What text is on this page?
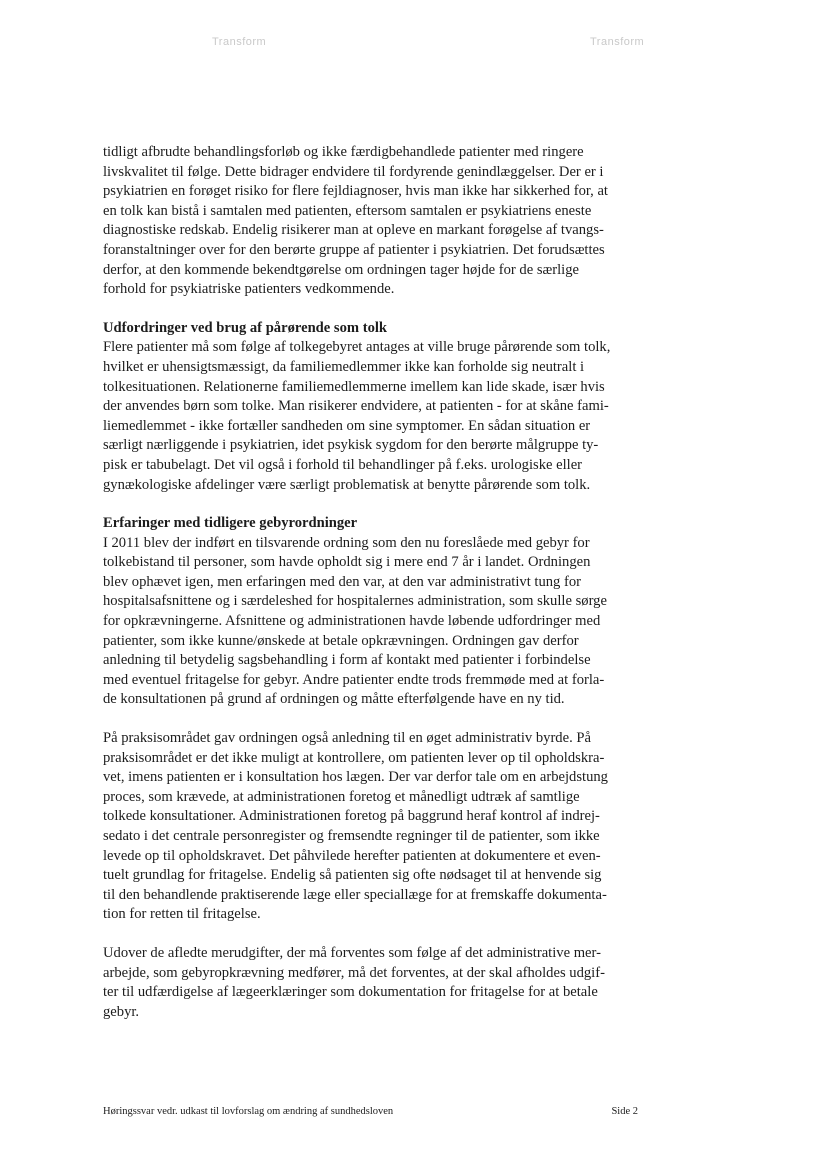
Transform	Transform
tidligt afbrudte behandlingsforløb og ikke færdigbehandlede patienter med ringere
livskvalitet til følge. Dette bidrager endvidere til fordyrende genindlæggelser. Der er i
psykiatrien en forøget risiko for flere fejldiagnoser, hvis man ikke har sikkerhed for, at
en tolk kan bistå i samtalen med patienten, eftersom samtalen er psykiatriens eneste
diagnostiske redskab. Endelig risikerer man at opleve en markant forøgelse af tvangs-
foranstaltninger over for den berørte gruppe af patienter i psykiatrien. Det forudsættes
derfor, at den kommende bekendtgørelse om ordningen tager højde for de særlige
forhold for psykiatriske patienters vedkommende.
Udfordringer ved brug af pårørende som tolk
Flere patienter må som følge af tolkegebyret antages at ville bruge pårørende som tolk,
hvilket er uhensigtsmæssigt, da familiemedlemmer ikke kan forholde sig neutralt i
tolkesituationen. Relationerne familiemedlemmerne imellem kan lide skade, især hvis
der anvendes børn som tolke. Man risikerer endvidere, at patienten - for at skåne fami-
liemedlemmet - ikke fortæller sandheden om sine symptomer. En sådan situation er
særligt nærliggende i psykiatrien, idet psykisk sygdom for den berørte målgruppe ty-
pisk er tabubelagt. Det vil også i forhold til behandlinger på f.eks. urologiske eller
gynækologiske afdelinger være særligt problematisk at benytte pårørende som tolk.
Erfaringer med tidligere gebyrordninger
I 2011 blev der indført en tilsvarende ordning som den nu foreslåede med gebyr for
tolkebistand til personer, som havde opholdt sig i mere end 7 år i landet. Ordningen
blev ophævet igen, men erfaringen med den var, at den var administrativt tung for
hospitalsafsnittene og i særdeleshed for hospitalernes administration, som skulle sørge
for opkrævningerne. Afsnittene og administrationen havde løbende udfordringer med
patienter, som ikke kunne/ønskede at betale opkrævningen. Ordningen gav derfor
anledning til betydelig sagsbehandling i form af kontakt med patienter i forbindelse
med eventuel fritagelse for gebyr. Andre patienter endte trods fremmøde med at forla-
de konsultationen på grund af ordningen og måtte efterfølgende have en ny tid.
På praksisområdet gav ordningen også anledning til en øget administrativ byrde. På
praksisområdet er det ikke muligt at kontrollere, om patienten lever op til opholdskra-
vet, imens patienten er i konsultation hos lægen. Der var derfor tale om en arbejdstung
proces, som krævede, at administrationen foretog et månedligt udtræk af samtlige
tolkede konsultationer. Administrationen foretog på baggrund heraf kontrol af indrej-
sedato i det centrale personregister og fremsendte regninger til de patienter, som ikke
levede op til opholdskravet. Det påhvilede herefter patienten at dokumentere et even-
tuelt grundlag for fritagelse. Endelig så patienten sig ofte nødsaget til at henvende sig
til den behandlende praktiserende læge eller speciallæge for at fremskaffe dokumenta-
tion for retten til fritagelse.
Udover de afledte merudgifter, der må forventes som følge af det administrative mer-
arbejde, som gebyropkrævning medfører, må det forventes, at der skal afholdes udgif-
ter til udfærdigelse af lægeerklæringer som dokumentation for fritagelse for at betale
gebyr.
Høringssvar vedr. udkast til lovforslag om ændring af sundhedsloven	Side 2
